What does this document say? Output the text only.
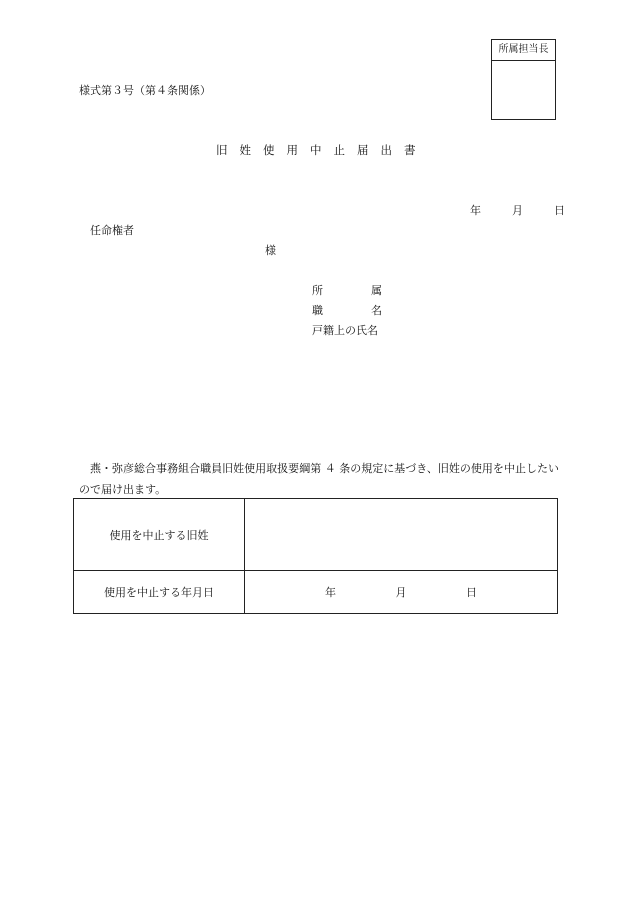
所属担当長
様式第３号（第４条関係）
旧姓使用中止届出書
年	月	日
任命権者
様
所	属
職	名
戸籍上の氏名
燕・弥彦総合事務組合職員旧姓使用取扱要綱第 ４ 条の規定に基づき、旧姓の使用を中止したいので届け出ます。
使用を中止する旧姓	
使用を中止する年月日	年 月 日
